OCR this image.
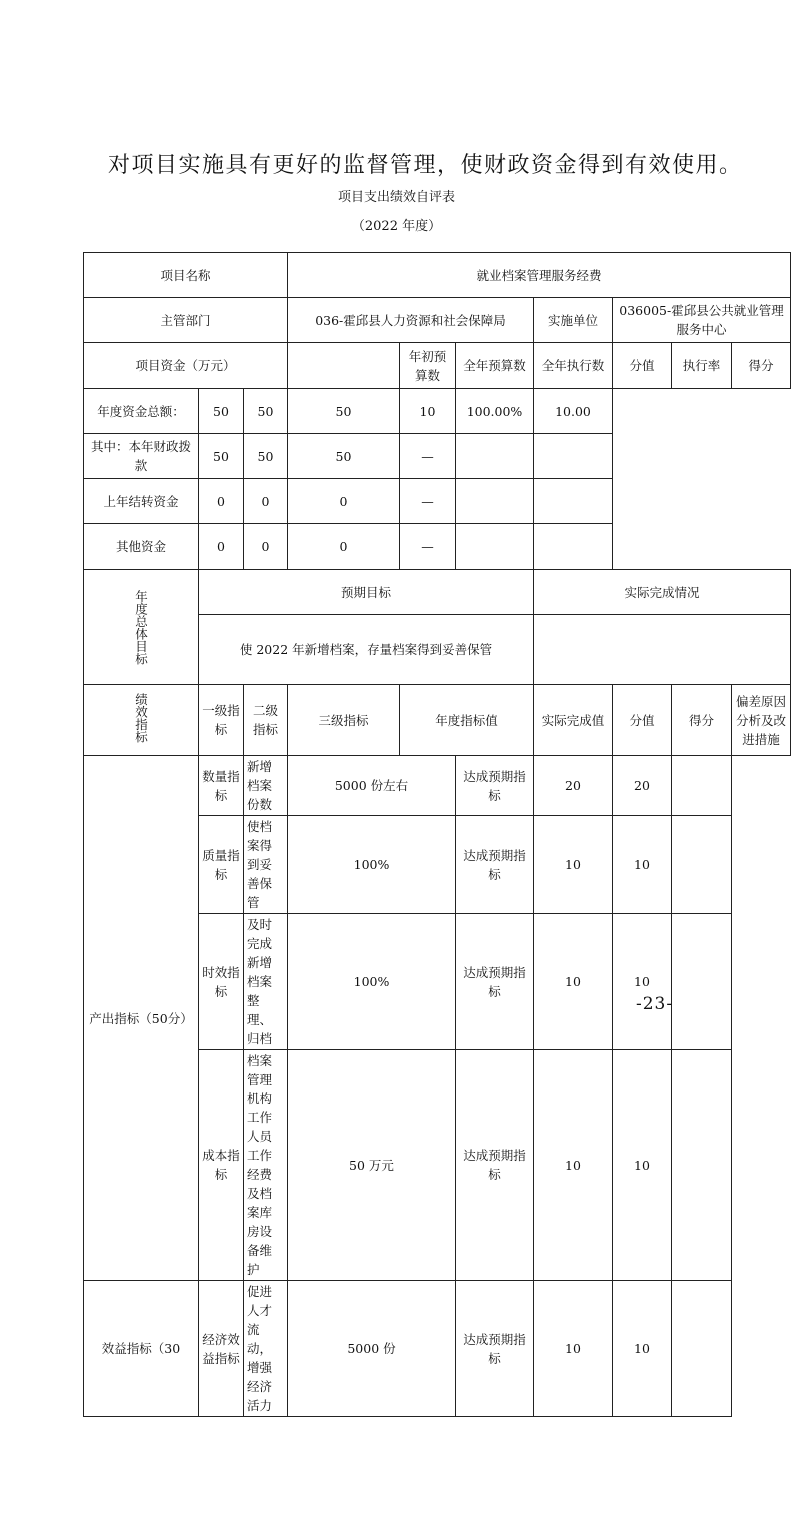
对项目实施具有更好的监督管理，使财政资金得到有效使用。
项目支出绩效自评表
（2022 年度）
项目名称			就业档案管理服务经费						
主管部门			036-霍邱县人力资源和社会保障局			实施单位	036005-霍邱县公共就业管理服务中心		
项目资金（万元）				年初预算数	全年预算数	全年执行数	分值	执行率	得分
年度资金总额：	50	50	50	10	100.00%	10.00			
其中：本年财政拨款	50	50	50	—					
上年结转资金	0	0	0	—					
其他资金	0	0	0	—					
年度总体目标	预期目标					实际完成情况			
	使 2022 年新增档案，存量档案得到妥善保管								
绩效指标	一级指标	二级指标	三级指标	年度指标值		实际完成值	分值	得分	偏差原因分析及改进措施
产出指标（50分）	数量指标	新增档案份数	5000 份左右		达成预期指标	20	20		
	质量指标	使档案得到妥善保管	100%		达成预期指标	10	10		
	时效指标	及时完成新增档案整理、归档	100%		达成预期指标	10	10		
	成本指标	档案管理机构工作人员工作经费及档案库房设备维护	50 万元		达成预期指标	10	10		
效益指标（30	经济效益指标	促进人才流动，增强经济活力	5000 份		达成预期指标	10	10		
-23-
